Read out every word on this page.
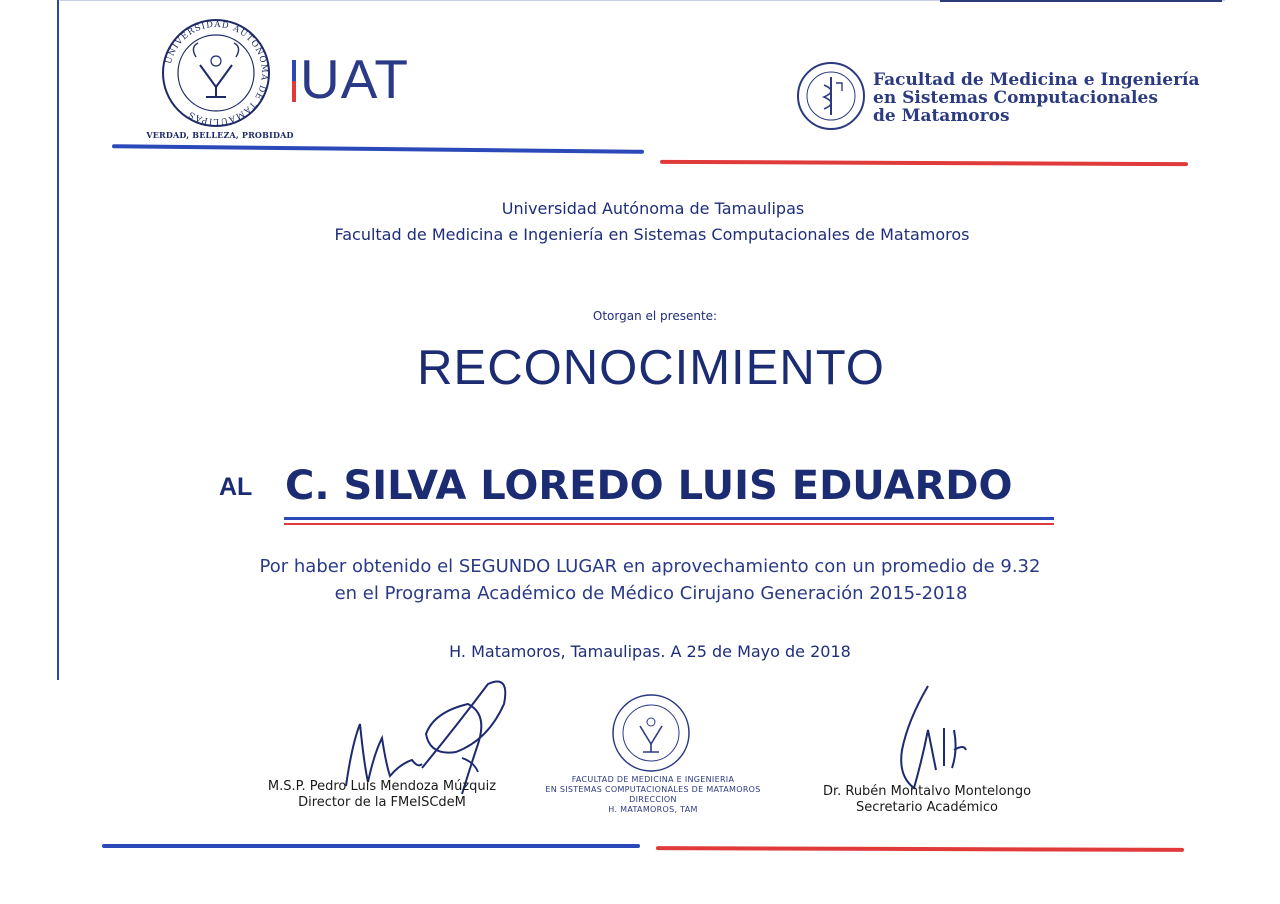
UNIVERSIDAD AUTONOMA DE TAMAULIPAS
VERDAD, BELLEZA, PROBIDAD
UAT	Facultad de Medicina e Ingeniería
en Sistemas Computacionales
de Matamoros
Universidad Autónoma de Tamaulipas
Facultad de Medicina e Ingeniería en Sistemas Computacionales de Matamoros
Otorgan el presente:
RECONOCIMIENTO
AL C. SILVA LOREDO LUIS EDUARDO
Por haber obtenido el SEGUNDO LUGAR en aprovechamiento con un promedio de 9.32
en el Programa Académico de Médico Cirujano Generación 2015-2018
H. Matamoros, Tamaulipas. A 25 de Mayo de 2018
FACULTAD DE MEDICINA E INGENIERIA
EN SISTEMAS COMPUTACIONALES DE MATAMOROS
DIRECCION
H. MATAMOROS, TAM
M.S.P. Pedro Luis Mendoza Múzquiz
Director de la FMeISCdeM
Dr. Rubén Montalvo Montelongo
Secretario Académico
